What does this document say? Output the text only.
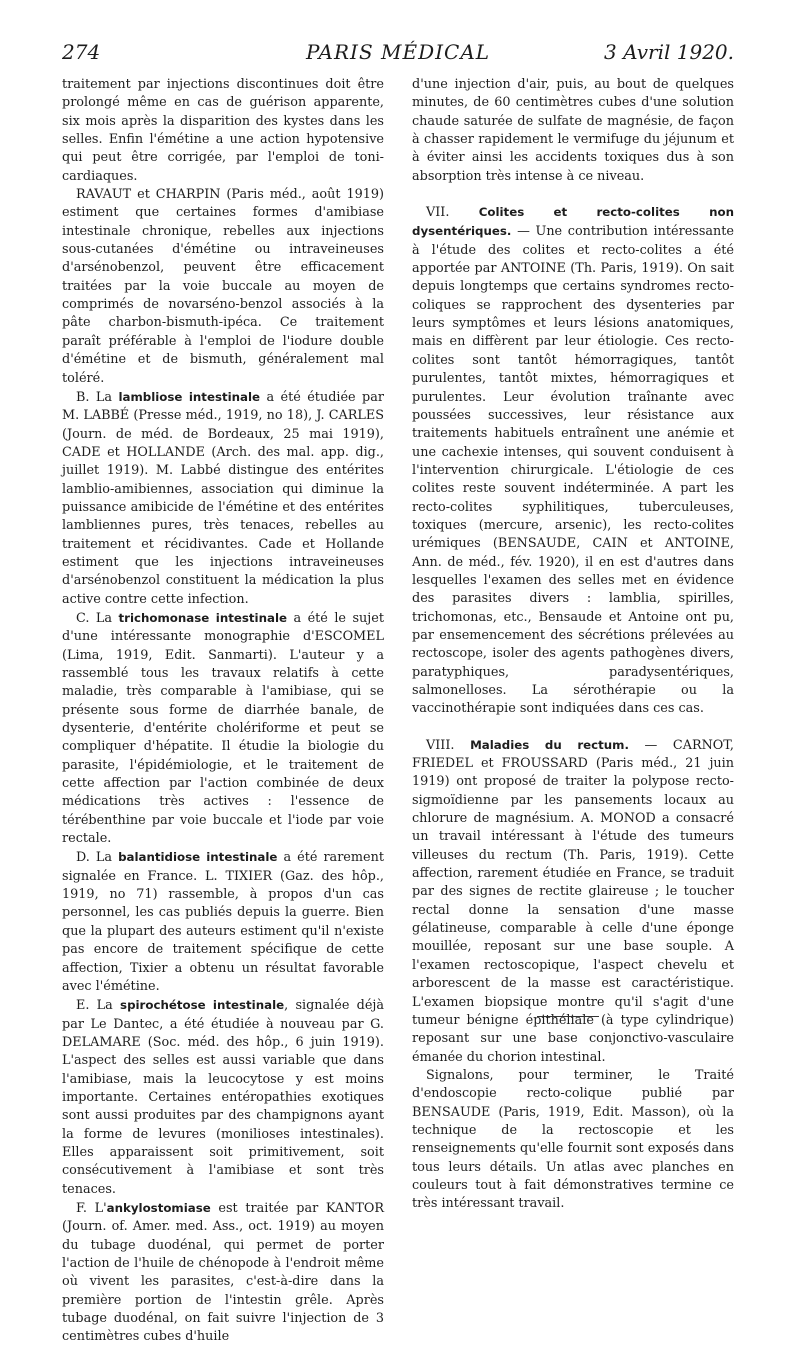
274	PARIS MÉDICAL	3 Avril 1920.

traitement par injections discontinues doit être prolongé même en cas de guérison apparente, six mois après la disparition des kystes dans les selles. Enfin l'émétine a une action hypotensive qui peut être corrigée, par l'emploi de toni-cardiaques.

RAVAUT et CHARPIN (Paris méd., août 1919) estiment que certaines formes d'amibiase intestinale chronique, rebelles aux injections sous-cutanées d'émétine ou intraveineuses d'arsénobenzol, peuvent être efficacement traitées par la voie buccale au moyen de comprimés de novarséno-benzol associés à la pâte charbon-bismuth-ipéca. Ce traitement paraît préférable à l'emploi de l'iodure double d'émétine et de bismuth, généralement mal toléré.

B. La lambliose intestinale a été étudiée par M. LABBÉ (Presse méd., 1919, no 18), J. CARLES (Journ. de méd. de Bordeaux, 25 mai 1919), CADE et HOLLANDE (Arch. des mal. app. dig., juillet 1919). M. Labbé distingue des entérites lamblio-amibiennes, association qui diminue la puissance amibicide de l'émétine et des entérites lambliennes pures, très tenaces, rebelles au traitement et récidivantes. Cade et Hollande estiment que les injections intraveineuses d'arsénobenzol constituent la médication la plus active contre cette infection.

C. La trichomonase intestinale a été le sujet d'une intéressante monographie d'ESCOMEL (Lima, 1919, Edit. Sanmarti). L'auteur y a rassemblé tous les travaux relatifs à cette maladie, très comparable à l'amibiase, qui se présente sous forme de diarrhée banale, de dysenterie, d'entérite cholériforme et peut se compliquer d'hépatite. Il étudie la biologie du parasite, l'épidémiologie, et le traitement de cette affection par l'action combinée de deux médications très actives : l'essence de térébenthine par voie buccale et l'iode par voie rectale.

D. La balantidiose intestinale a été rarement signalée en France. L. TIXIER (Gaz. des hôp., 1919, no 71) rassemble, à propos d'un cas personnel, les cas publiés depuis la guerre. Bien que la plupart des auteurs estiment qu'il n'existe pas encore de traitement spécifique de cette affection, Tixier a obtenu un résultat favorable avec l'émétine.

E. La spirochétose intestinale, signalée déjà par Le Dantec, a été étudiée à nouveau par G. DELAMARE (Soc. méd. des hôp., 6 juin 1919). L'aspect des selles est aussi variable que dans l'amibiase, mais la leucocytose y est moins importante. Certaines entéropathies exotiques sont aussi produites par des champignons ayant la forme de levures (monilioses intestinales). Elles apparaissent soit primitivement, soit consécutivement à l'amibiase et sont très tenaces.

F. L'ankylostomiase est traitée par KANTOR (Journ. of. Amer. med. Ass., oct. 1919) au moyen du tubage duodénal, qui permet de porter l'action de l'huile de chénopode à l'endroit même où vivent les parasites, c'est-à-dire dans la première portion de l'intestin grêle. Après tubage duodénal, on fait suivre l'injection de 3 centimètres cubes d'huile

d'une injection d'air, puis, au bout de quelques minutes, de 60 centimètres cubes d'une solution chaude saturée de sulfate de magnésie, de façon à chasser rapidement le vermifuge du jéjunum et à éviter ainsi les accidents toxiques dus à son absorption très intense à ce niveau.

VII. Colites et recto-colites non dysentériques. — Une contribution intéressante à l'étude des colites et recto-colites a été apportée par ANTOINE (Th. Paris, 1919). On sait depuis longtemps que certains syndromes recto-coliques se rapprochent des dysenteries par leurs symptômes et leurs lésions anatomiques, mais en diffèrent par leur étiologie. Ces recto-colites sont tantôt hémorragiques, tantôt purulentes, tantôt mixtes, hémorragiques et purulentes. Leur évolution traînante avec poussées successives, leur résistance aux traitements habituels entraînent une anémie et une cachexie intenses, qui souvent conduisent à l'intervention chirurgicale. L'étiologie de ces colites reste souvent indéterminée. A part les recto-colites syphilitiques, tuberculeuses, toxiques (mercure, arsenic), les recto-colites urémiques (BENSAUDE, CAIN et ANTOINE, Ann. de méd., fév. 1920), il en est d'autres dans lesquelles l'examen des selles met en évidence des parasites divers : lamblia, spirilles, trichomonas, etc., Bensaude et Antoine ont pu, par ensemencement des sécrétions prélevées au rectoscope, isoler des agents pathogènes divers, paratyphiques, paradysentériques, salmonelloses. La sérothérapie ou la vaccinothérapie sont indiquées dans ces cas.

VIII. Maladies du rectum. — CARNOT, FRIEDEL et FROUSSARD (Paris méd., 21 juin 1919) ont proposé de traiter la polypose recto-sigmoïdienne par les pansements locaux au chlorure de magnésium. A. MONOD a consacré un travail intéressant à l'étude des tumeurs villeuses du rectum (Th. Paris, 1919). Cette affection, rarement étudiée en France, se traduit par des signes de rectite glaireuse ; le toucher rectal donne la sensation d'une masse gélatineuse, comparable à celle d'une éponge mouillée, reposant sur une base souple. A l'examen rectoscopique, l'aspect chevelu et arborescent de la masse est caractéristique. L'examen biopsique montre qu'il s'agit d'une tumeur bénigne épithéliale (à type cylindrique) reposant sur une base conjonctivo-vasculaire émanée du chorion intestinal.

Signalons, pour terminer, le Traité d'endoscopie recto-colique publié par BENSAUDE (Paris, 1919, Edit. Masson), où la technique de la rectoscopie et les renseignements qu'elle fournit sont exposés dans tous leurs détails. Un atlas avec planches en couleurs tout à fait démonstratives termine ce très intéressant travail.
